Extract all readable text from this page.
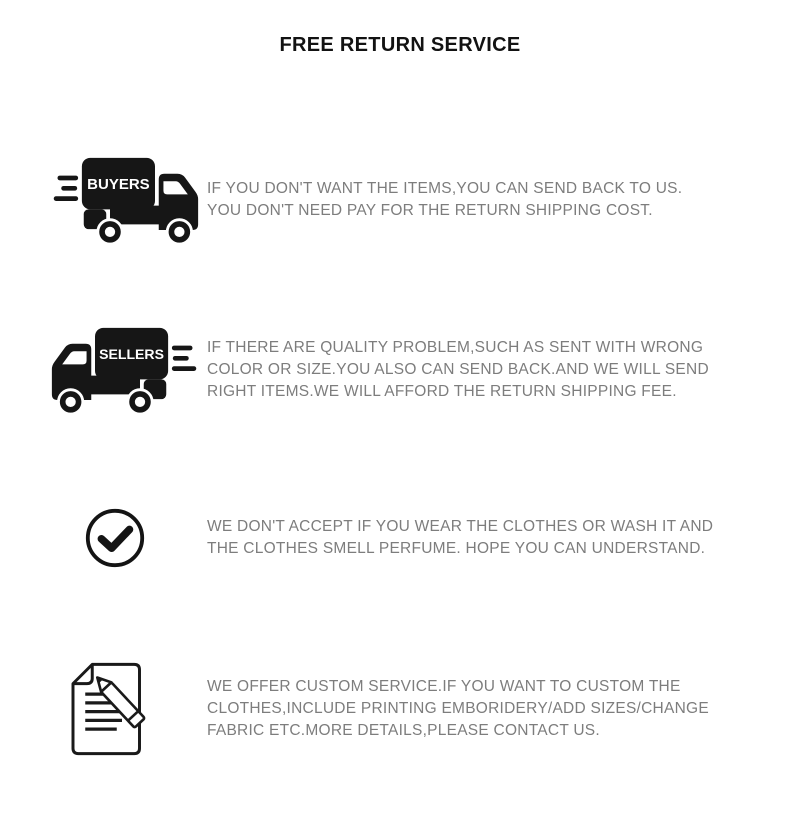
FREE RETURN SERVICE
BUYERS	IF YOU DON'T WANT THE ITEMS,YOU CAN SEND BACK TO US.
YOU DON'T NEED PAY FOR THE RETURN SHIPPING COST.
SELLERS	IF THERE ARE QUALITY PROBLEM,SUCH AS SENT WITH WRONG
COLOR OR SIZE.YOU ALSO CAN SEND BACK.AND WE WILL SEND
RIGHT ITEMS.WE WILL AFFORD THE RETURN SHIPPING FEE.
WE DON'T ACCEPT IF YOU WEAR THE CLOTHES OR WASH IT AND
THE CLOTHES SMELL PERFUME. HOPE YOU CAN UNDERSTAND.
WE OFFER CUSTOM SERVICE.IF YOU WANT TO CUSTOM THE
CLOTHES,INCLUDE PRINTING EMBORIDERY/ADD SIZES/CHANGE
FABRIC ETC.MORE DETAILS,PLEASE CONTACT US.
